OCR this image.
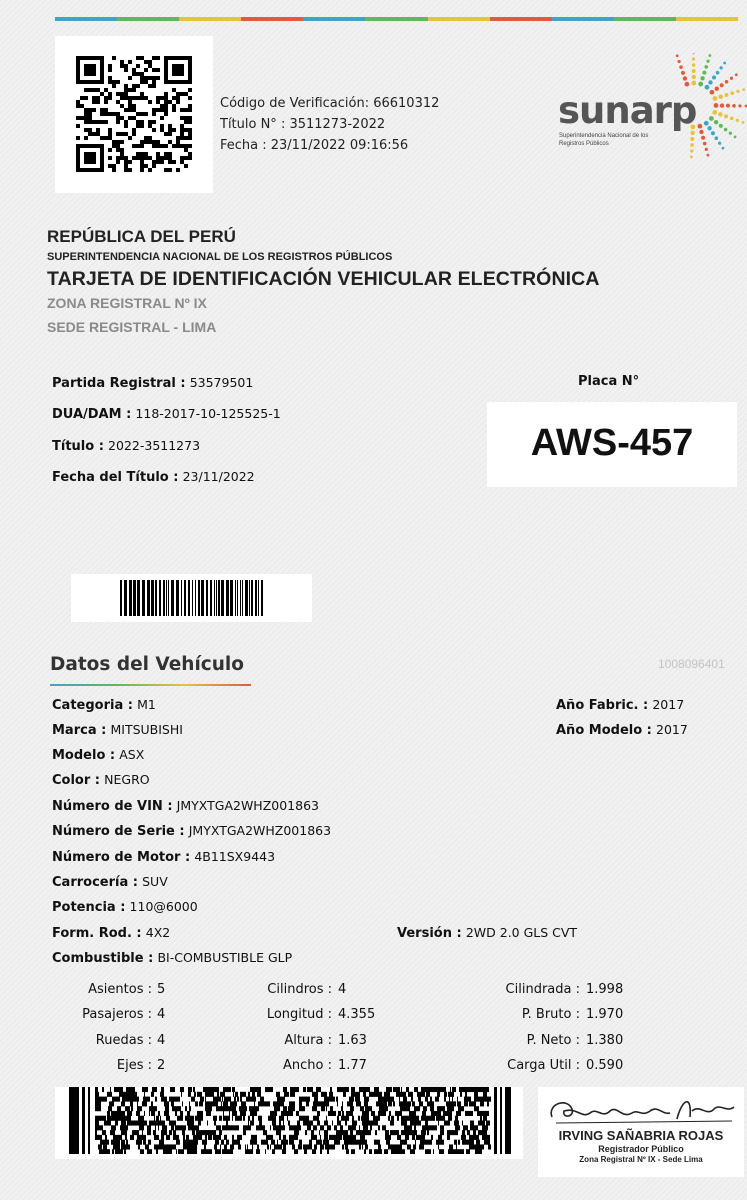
Código de Verificación: 66610312
Título N° : 3511273-2022
Fecha : 23/11/2022 09:16:56
sunarp
Superintendencia Nacional de los Registros Públicos
REPÚBLICA DEL PERÚ
SUPERINTENDENCIA NACIONAL DE LOS REGISTROS PÚBLICOS
TARJETA DE IDENTIFICACIÓN VEHICULAR ELECTRÓNICA
ZONA REGISTRAL Nº IX
SEDE REGISTRAL - LIMA
Partida Registral : 53579501
DUA/DAM : 118-2017-10-125525-1
Título : 2022-3511273
Fecha del Título : 23/11/2022
Placa N°
AWS-457
Datos del Vehículo	1008096401
Categoria : M1
Marca : MITSUBISHI
Modelo : ASX
Color : NEGRO
Número de VIN : JMYXTGA2WHZ001863
Número de Serie : JMYXTGA2WHZ001863
Número de Motor : 4B11SX9443
Carrocería : SUV
Potencia : 110@6000
Form. Rod. : 4X2
Combustible : BI-COMBUSTIBLE GLP
Versión : 2WD 2.0 GLS CVT
Año Fabric. : 2017
Año Modelo : 2017
Asientos : 5
Pasajeros : 4
Ruedas : 4
Ejes : 2
Cilindros : 4
Longitud : 4.355
Altura : 1.63
Ancho : 1.77
Cilindrada : 1.998
P. Bruto : 1.970
P. Neto : 1.380
Carga Util : 0.590
IRVING SAÑABRIA ROJAS
Registrador Público
Zona Registral Nº IX - Sede Lima
